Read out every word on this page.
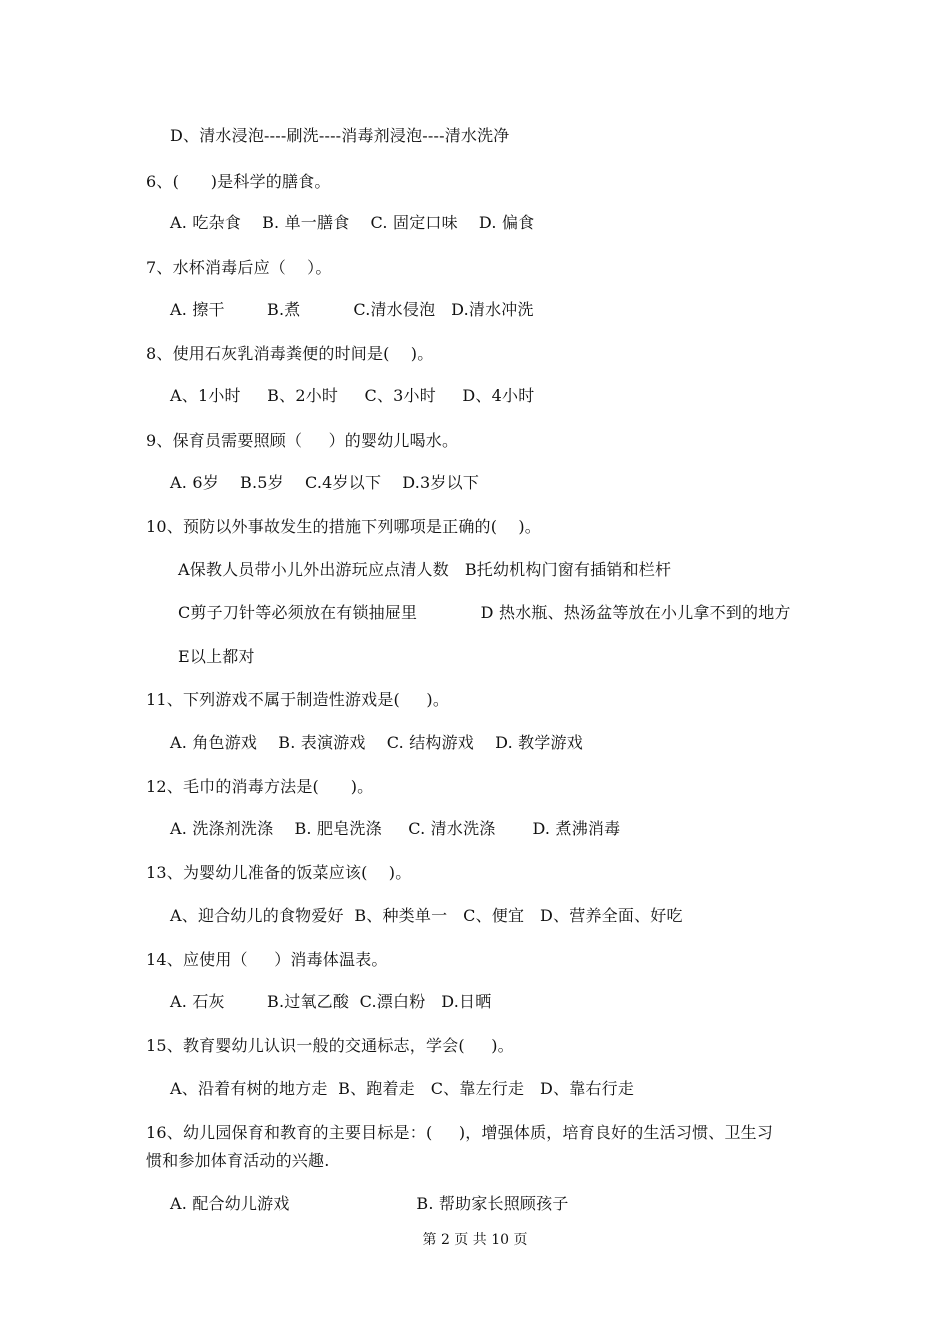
D、清水浸泡----刷洗----消毒剂浸泡----清水洗净
6、(      )是科学的膳食。
A. 吃杂食    B. 单一膳食    C. 固定口味    D. 偏食
7、水杯消毒后应（    ）。
A. 擦干        B.煮          C.清水侵泡   D.清水冲洗
8、使用石灰乳消毒粪便的时间是(    )。
A、1小时     B、2小时     C、3小时     D、4小时
9、保育员需要照顾（     ）的婴幼儿喝水。
A. 6岁    B.5岁    C.4岁以下    D.3岁以下
10、预防以外事故发生的措施下列哪项是正确的(    )。
A保教人员带小儿外出游玩应点清人数   B托幼机构门窗有插销和栏杆
C剪子刀针等必须放在有锁抽屉里            D 热水瓶、热汤盆等放在小儿拿不到的地方
E以上都对
11、下列游戏不属于制造性游戏是(     )。
A. 角色游戏    B. 表演游戏    C. 结构游戏    D. 教学游戏
12、毛巾的消毒方法是(      )。
A. 洗涤剂洗涤    B. 肥皂洗涤     C. 清水洗涤       D. 煮沸消毒
13、为婴幼儿准备的饭菜应该(    )。
A、迎合幼儿的食物爱好  B、种类单一   C、便宜   D、营养全面、好吃
14、应使用（     ）消毒体温表。
A. 石灰        B.过氧乙酸  C.漂白粉   D.日晒
15、教育婴幼儿认识一般的交通标志，学会(     )。
A、沿着有树的地方走  B、跑着走   C、靠左行走   D、靠右行走
16、幼儿园保育和教育的主要目标是：(     )，增强体质，培育良好的生活习惯、卫生习
惯和参加体育活动的兴趣.
A. 配合幼儿游戏                        B. 帮助家长照顾孩子
第 2 页 共 10 页
